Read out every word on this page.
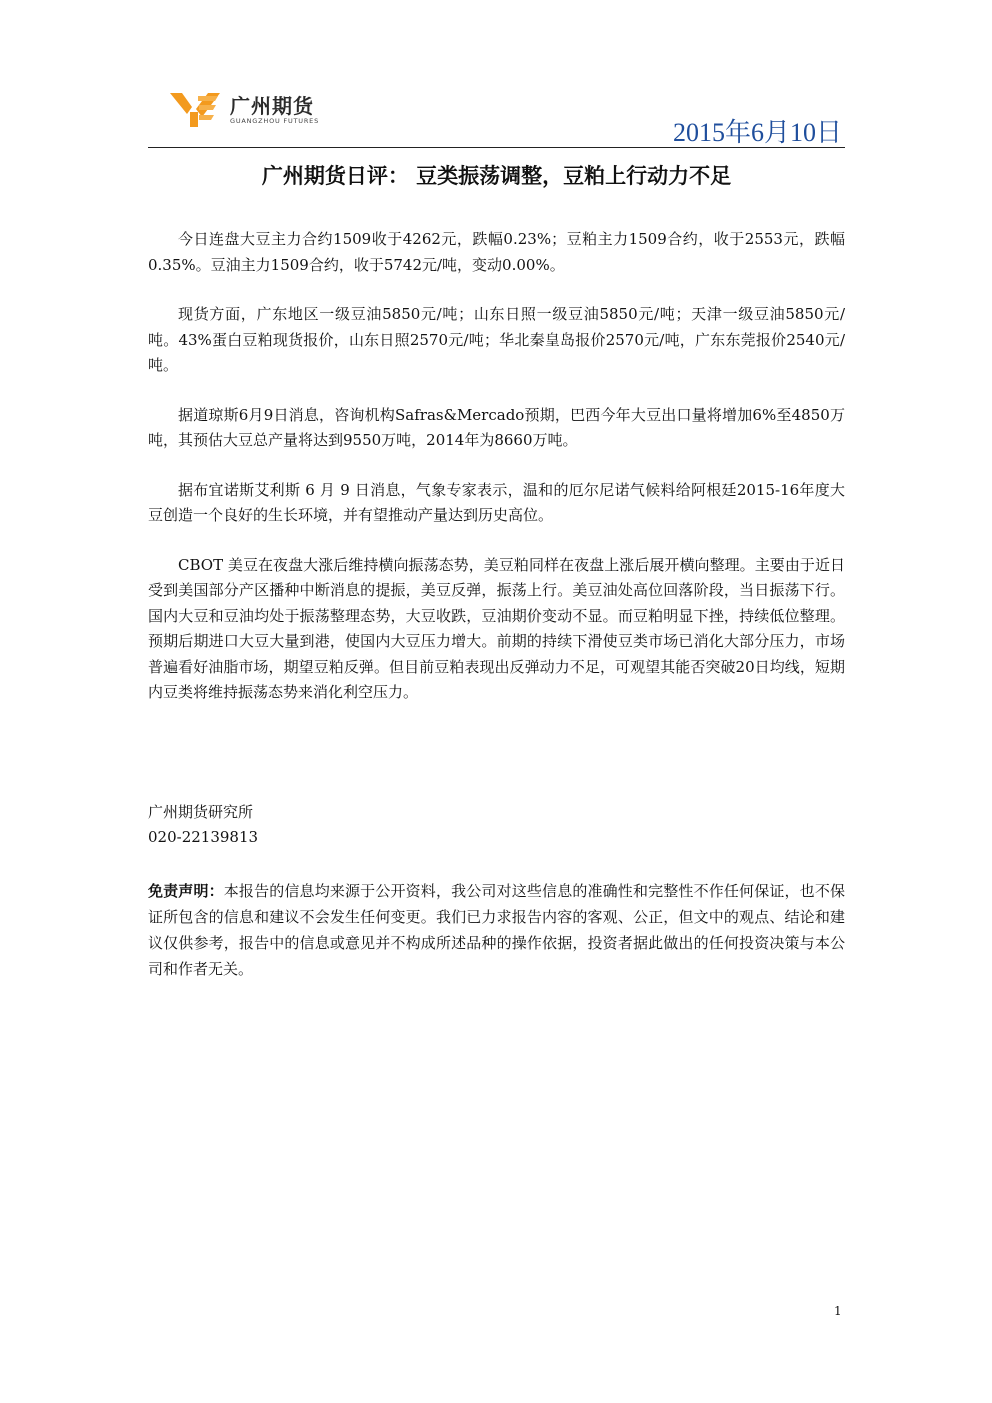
广州期货
GUANGZHOU FUTURES	2015年6月10日
广州期货日评： 豆类振荡调整，豆粕上行动力不足

今日连盘大豆主力合约1509收于4262元，跌幅0.23%；豆粕主力1509合约，收于2553元，跌幅0.35%。豆油主力1509合约，收于5742元/吨，变动0.00%。

现货方面，广东地区一级豆油5850元/吨；山东日照一级豆油5850元/吨；天津一级豆油5850元/吨。43%蛋白豆粕现货报价，山东日照2570元/吨；华北秦皇岛报价2570元/吨，广东东莞报价2540元/吨。

据道琼斯6月9日消息，咨询机构Safras&Mercado预期，巴西今年大豆出口量将增加6%至4850万吨，其预估大豆总产量将达到9550万吨，2014年为8660万吨。

据布宜诺斯艾利斯 6 月 9 日消息，气象专家表示，温和的厄尔尼诺气候料给阿根廷2015-16年度大豆创造一个良好的生长环境，并有望推动产量达到历史高位。

CBOT 美豆在夜盘大涨后维持横向振荡态势，美豆粕同样在夜盘上涨后展开横向整理。主要由于近日受到美国部分产区播种中断消息的提振，美豆反弹，振荡上行。美豆油处高位回落阶段，当日振荡下行。国内大豆和豆油均处于振荡整理态势，大豆收跌，豆油期价变动不显。而豆粕明显下挫，持续低位整理。预期后期进口大豆大量到港，使国内大豆压力增大。前期的持续下滑使豆类市场已消化大部分压力，市场普遍看好油脂市场，期望豆粕反弹。但目前豆粕表现出反弹动力不足，可观望其能否突破20日均线，短期内豆类将维持振荡态势来消化利空压力。

广州期货研究所
020-22139813
免责声明：本报告的信息均来源于公开资料，我公司对这些信息的准确性和完整性不作任何保证，也不保证所包含的信息和建议不会发生任何变更。我们已力求报告内容的客观、公正，但文中的观点、结论和建议仅供参考，报告中的信息或意见并不构成所述品种的操作依据，投资者据此做出的任何投资决策与本公司和作者无关。
1
